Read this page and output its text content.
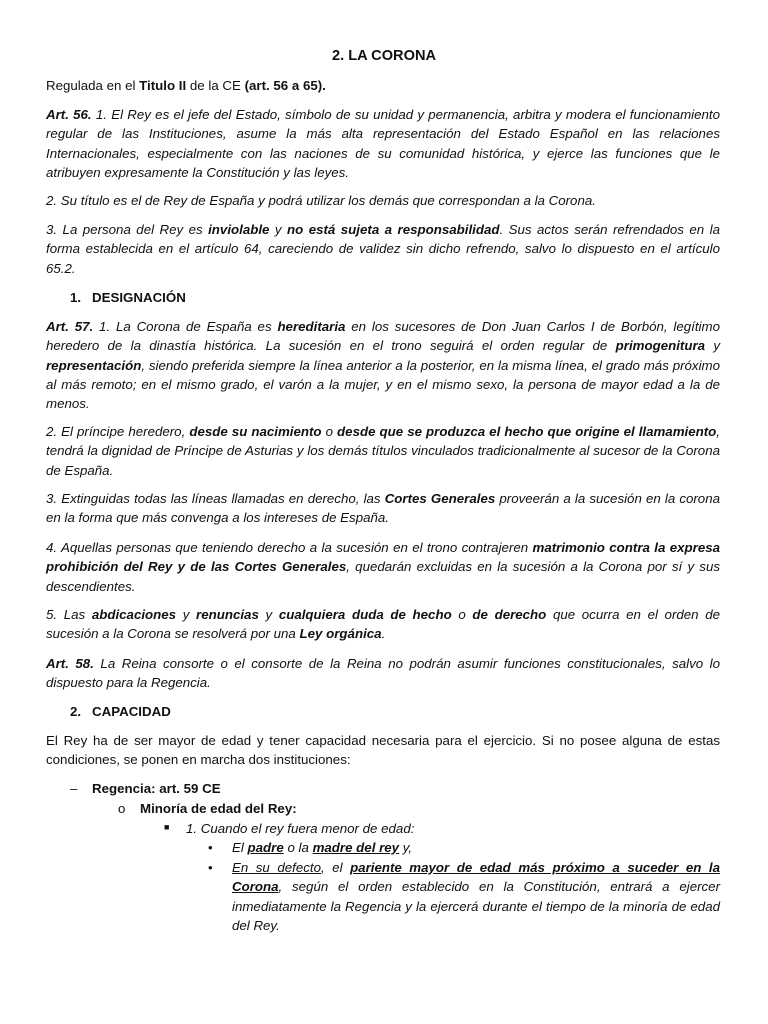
2. LA CORONA

Regulada en el Titulo II de la CE (art. 56 a 65).

Art. 56. 1. El Rey es el jefe del Estado, símbolo de su unidad y permanencia, arbitra y modera el funcionamiento regular de las Instituciones, asume la más alta representación del Estado Español en las relaciones Internacionales, especialmente con las naciones de su comunidad histórica, y ejerce las funciones que le atribuyen expresamente la Constitución y las leyes.

2. Su título es el de Rey de España y podrá utilizar los demás que correspondan a la Corona.

3. La persona del Rey es inviolable y no está sujeta a responsabilidad. Sus actos serán refrendados en la forma establecida en el artículo 64, careciendo de validez sin dicho refrendo, salvo lo dispuesto en el artículo 65.2.

1. DESIGNACIÓN

Art. 57. 1. La Corona de España es hereditaria en los sucesores de Don Juan Carlos I de Borbón, legítimo heredero de la dinastía histórica. La sucesión en el trono seguirá el orden regular de primogenitura y representación, siendo preferida siempre la línea anterior a la posterior, en la misma línea, el grado más próximo al más remoto; en el mismo grado, el varón a la mujer, y en el mismo sexo, la persona de mayor edad a la de menos.

2. El príncipe heredero, desde su nacimiento o desde que se produzca el hecho que origine el llamamiento, tendrá la dignidad de Príncipe de Asturias y los demás títulos vinculados tradicionalmente al sucesor de la Corona de España.

3. Extinguidas todas las líneas llamadas en derecho, las Cortes Generales proveerán a la sucesión en la corona en la forma que más convenga a los intereses de España.

4. Aquellas personas que teniendo derecho a la sucesión en el trono contrajeren matrimonio contra la expresa prohibición del Rey y de las Cortes Generales, quedarán excluidas en la sucesión a la Corona por sí y sus descendientes.

5. Las abdicaciones y renuncias y cualquiera duda de hecho o de derecho que ocurra en el orden de sucesión a la Corona se resolverá por una Ley orgánica.

Art. 58. La Reina consorte o el consorte de la Reina no podrán asumir funciones constitucionales, salvo lo dispuesto para la Regencia.

2. CAPACIDAD

El Rey ha de ser mayor de edad y tener capacidad necesaria para el ejercicio. Si no posee alguna de estas condiciones, se ponen en marcha dos instituciones:

– Regencia: art. 59 CE
o Minoría de edad del Rey:
■ 1. Cuando el rey fuera menor de edad:
• El padre o la madre del rey y,
• En su defecto, el pariente mayor de edad más próximo a suceder en la Corona, según el orden establecido en la Constitución, entrará a ejercer inmediatamente la Regencia y la ejercerá durante el tiempo de la minoría de edad del Rey.
